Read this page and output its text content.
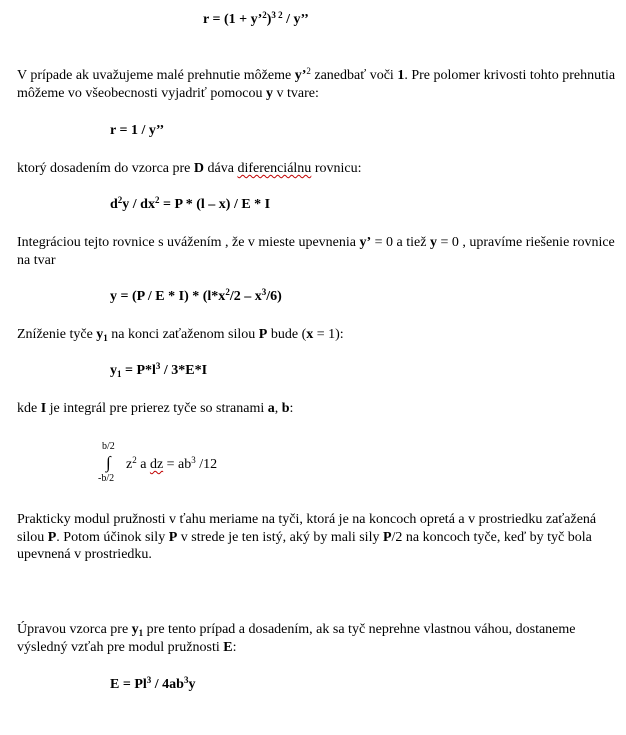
r = (1 + y’$^2$)$^{3 2}$ / y’’
V prípade ak uvažujeme malé prehnutie môžeme y’$^2$ zanedbať voči 1. Pre polomer krivosti tohto prehnutia môžeme vo všeobecnosti vyjadriť pomocou y v tvare:
r = 1 / y’’
ktorý dosadením do vzorca pre D dáva diferenciálnu rovnicu:
$d^2y / dx^2 = P * (l - x) / E * I$
Integráciou tejto rovnice s uvážením , že v mieste upevnenia y’ = 0 a tiež y = 0 , upravíme riešenie rovnice na tvar
$y = (P / E * I) * (l*x^2/2 - x^3/6)$
Zníženie tyče $y_1$ na konci zaťaženom silou P bude (x = 1):
$y_1 = P*l^3 / 3*E*I$
kde I je integrál pre prierez tyče so stranami a, b:
b/2
∫
-b/2
$z^2$ a dz = $ab^3$ /12
Prakticky modul pružnosti v ťahu meriame na tyči, ktorá je na koncoch opretá a v prostriedku zaťažená silou P. Potom účinok sily P v strede je ten istý, aký by mali sily P/2 na koncoch tyče, keď by tyč bola upevnená v prostriedku.
Úpravou vzorca pre $y_1$ pre tento prípad a dosadením, ak sa tyč neprehne vlastnou váhou, dostaneme výsledný vzťah pre modul pružnosti E:
$E = Pl^3 / 4ab^3y$
